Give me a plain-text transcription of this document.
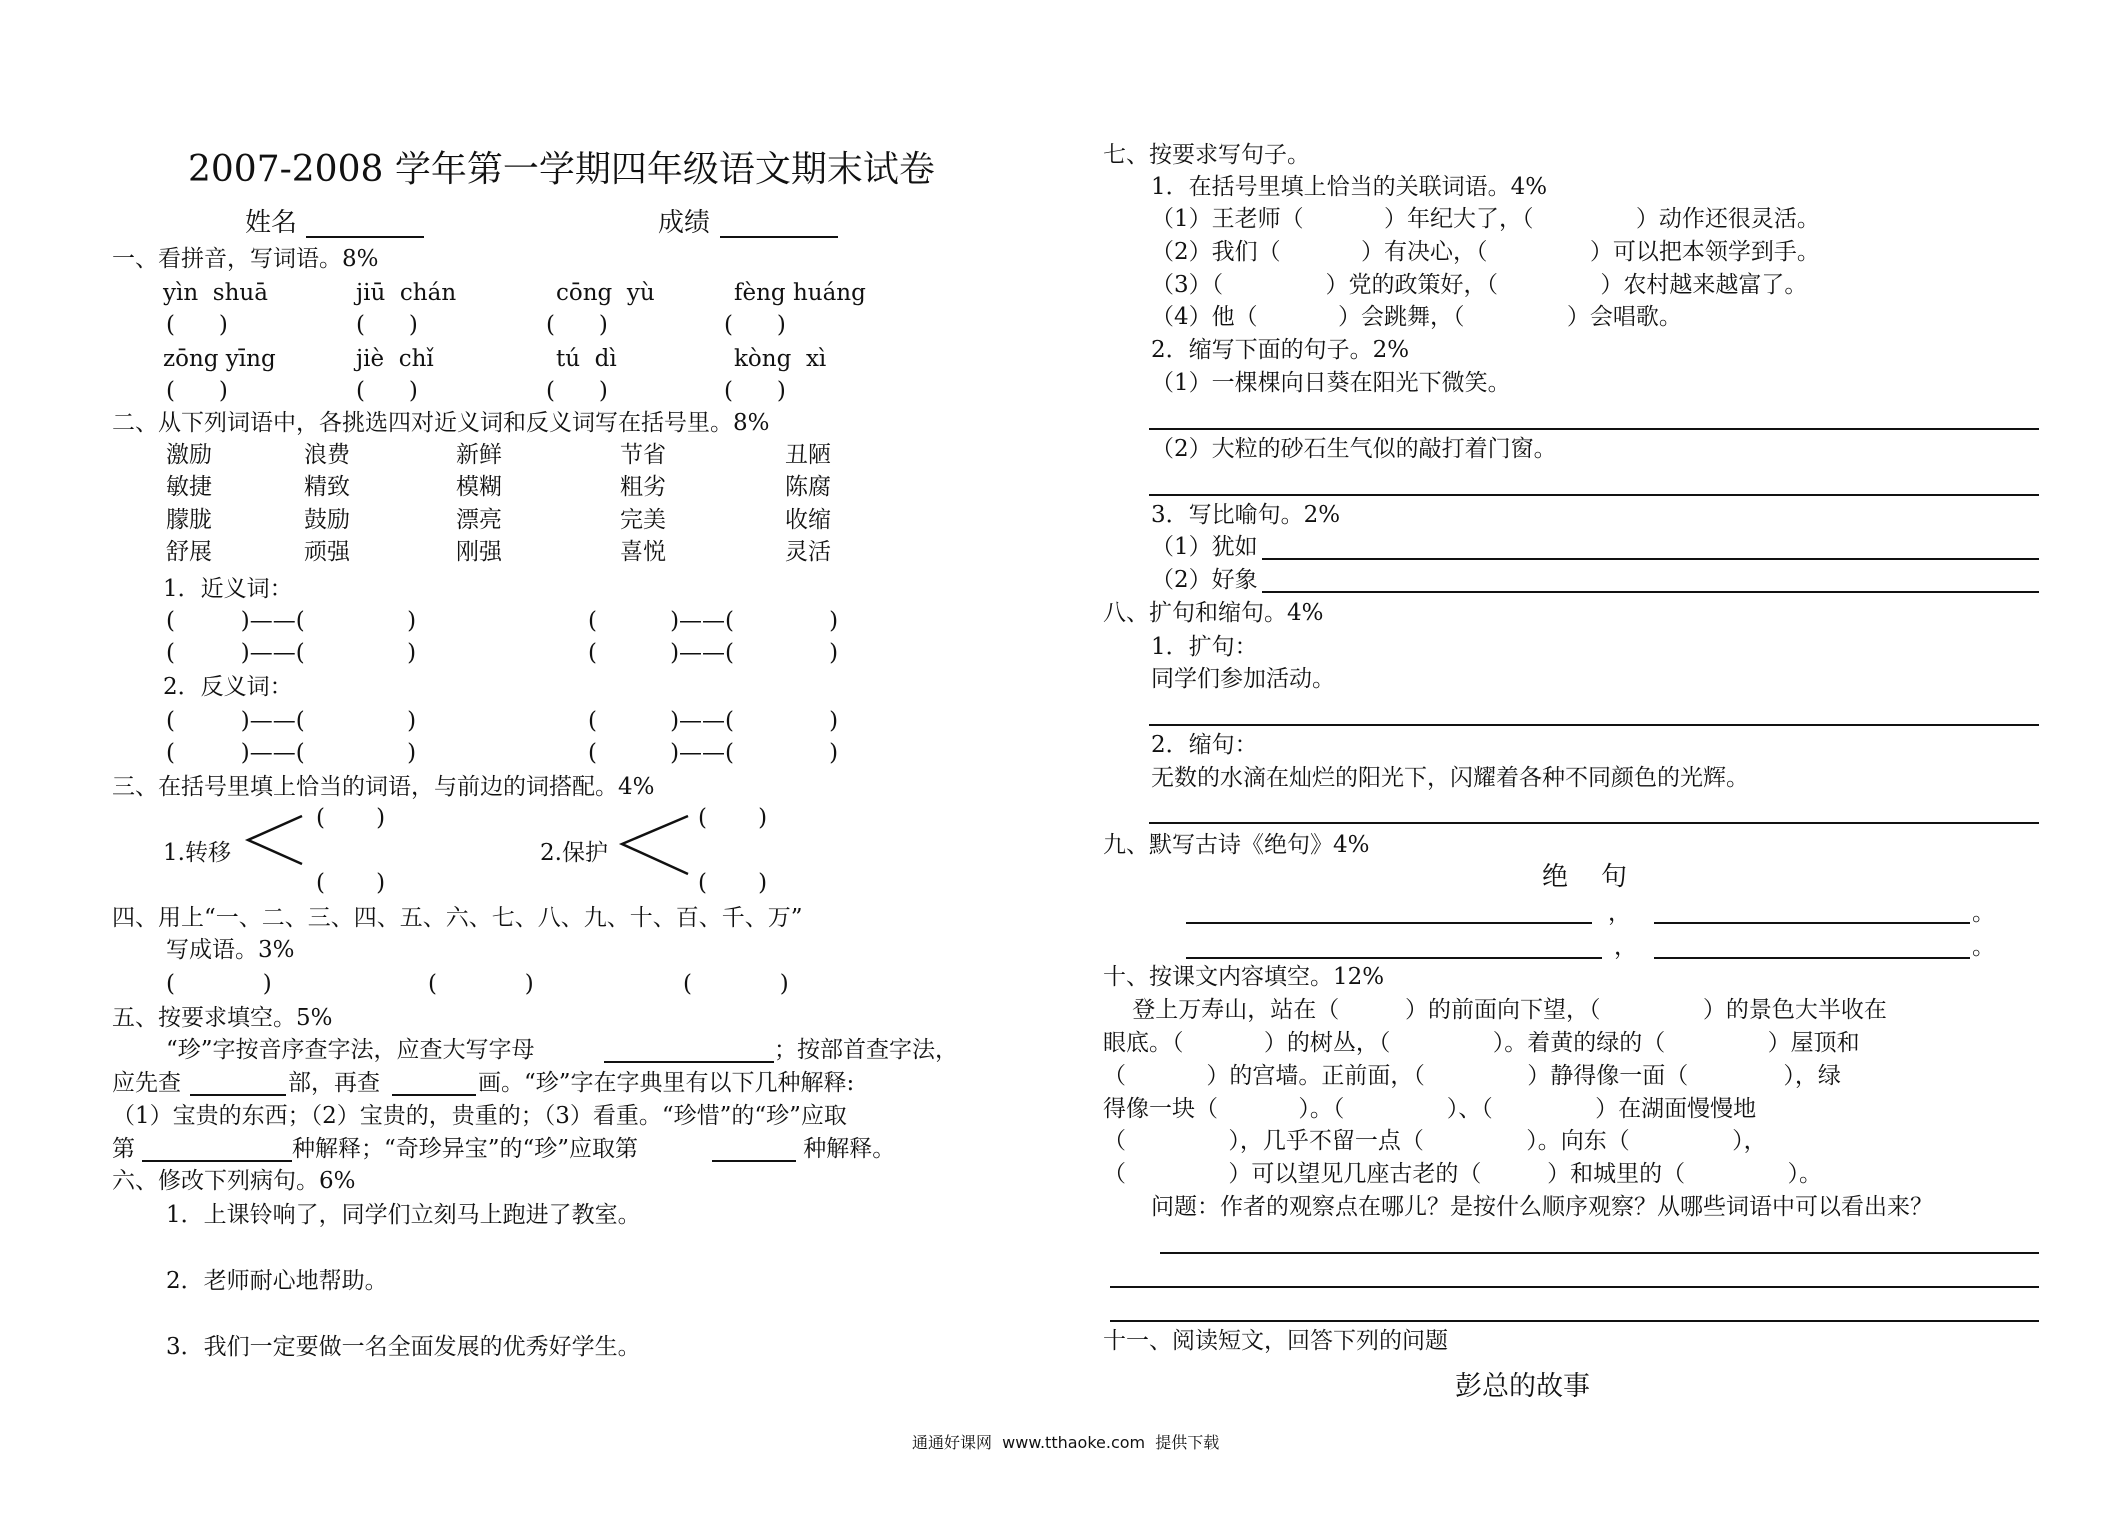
2007-2008 学年第一学期四年级语文期末试卷
姓名	成绩
一、看拼音，写词语。8%
yìn  shuā	jiū  chán	cōng  yù	fèng huáng
(      )	(      )	(      )	(      )
zōng yīng	jiè  chǐ	tú  dì	kòng  xì
(      )	(      )	(      )	(      )
二、从下列词语中，各挑选四对近义词和反义词写在括号里。8%
激励	浪费	新鲜	节省	丑陋
敏捷	精致	模糊	粗劣	陈腐
朦胧	鼓励	漂亮	完美	收缩
舒展	顽强	刚强	喜悦	灵活
1．近义词：
(         )——(              )	(          )——(             )
(         )——(              )	(          )——(             )
2．反义词：
(         )——(              )	(          )——(             )
(         )——(              )	(          )——(             )
三、在括号里填上恰当的词语，与前边的词搭配。4%
(       )
1.转移
(       )
(       )
2.保护
(       )
四、用上“一、二、三、四、五、六、七、八、九、十、百、千、万”
写成语。3%
(            )	(            )	(            )
五、按要求填空。5%
“珍”字按音序查字法，应查大写字母	；按部首查字法，
应先查	部，再查	画。“珍”字在字典里有以下几种解释:
（1）宝贵的东西；（2）宝贵的，贵重的；（3）看重。“珍惜”的“珍”应取
第	种解释；“奇珍异宝”的“珍”应取第	种解释。
六、修改下列病句。6%
1．上课铃响了，同学们立刻马上跑进了教室。
2．老师耐心地帮助。
3．我们一定要做一名全面发展的优秀好学生。
七、按要求写句子。
1．在括号里填上恰当的关联词语。4%
（1）王老师（           ）年纪大了，（              ）动作还很灵活。
（2）我们（           ）有决心，（              ）可以把本领学到手。
（3）（              ）党的政策好，（              ）农村越来越富了。
（4）他（           ）会跳舞，（              ）会唱歌。
2．缩写下面的句子。2%
（1）一棵棵向日葵在阳光下微笑。
（2）大粒的砂石生气似的敲打着门窗。
3．写比喻句。2%
（1）犹如
（2）好象
八、扩句和缩句。4%
1．扩句：
同学们参加活动。
2．缩句：
无数的水滴在灿烂的阳光下，闪耀着各种不同颜色的光辉。
九、默写古诗《绝句》4%
绝    句
，	。
，	。
十、按课文内容填空。12%
登上万寿山，站在（         ）的前面向下望，（              ）的景色大半收在
眼底。（           ）的树丛，（              ）。着黄的绿的（              ）屋顶和
（           ）的宫墙。正前面，（              ）静得像一面（             ），绿
得像一块（           ）。（              ）、（              ）在湖面慢慢地
（              ），几乎不留一点（              ）。向东（              ），
（              ）可以望见几座古老的（         ）和城里的（              ）。
问题：作者的观察点在哪儿？是按什么顺序观察？从哪些词语中可以看出来？
十一、阅读短文，回答下列的问题
彭总的故事
通通好课网  www.tthaoke.com  提供下载
